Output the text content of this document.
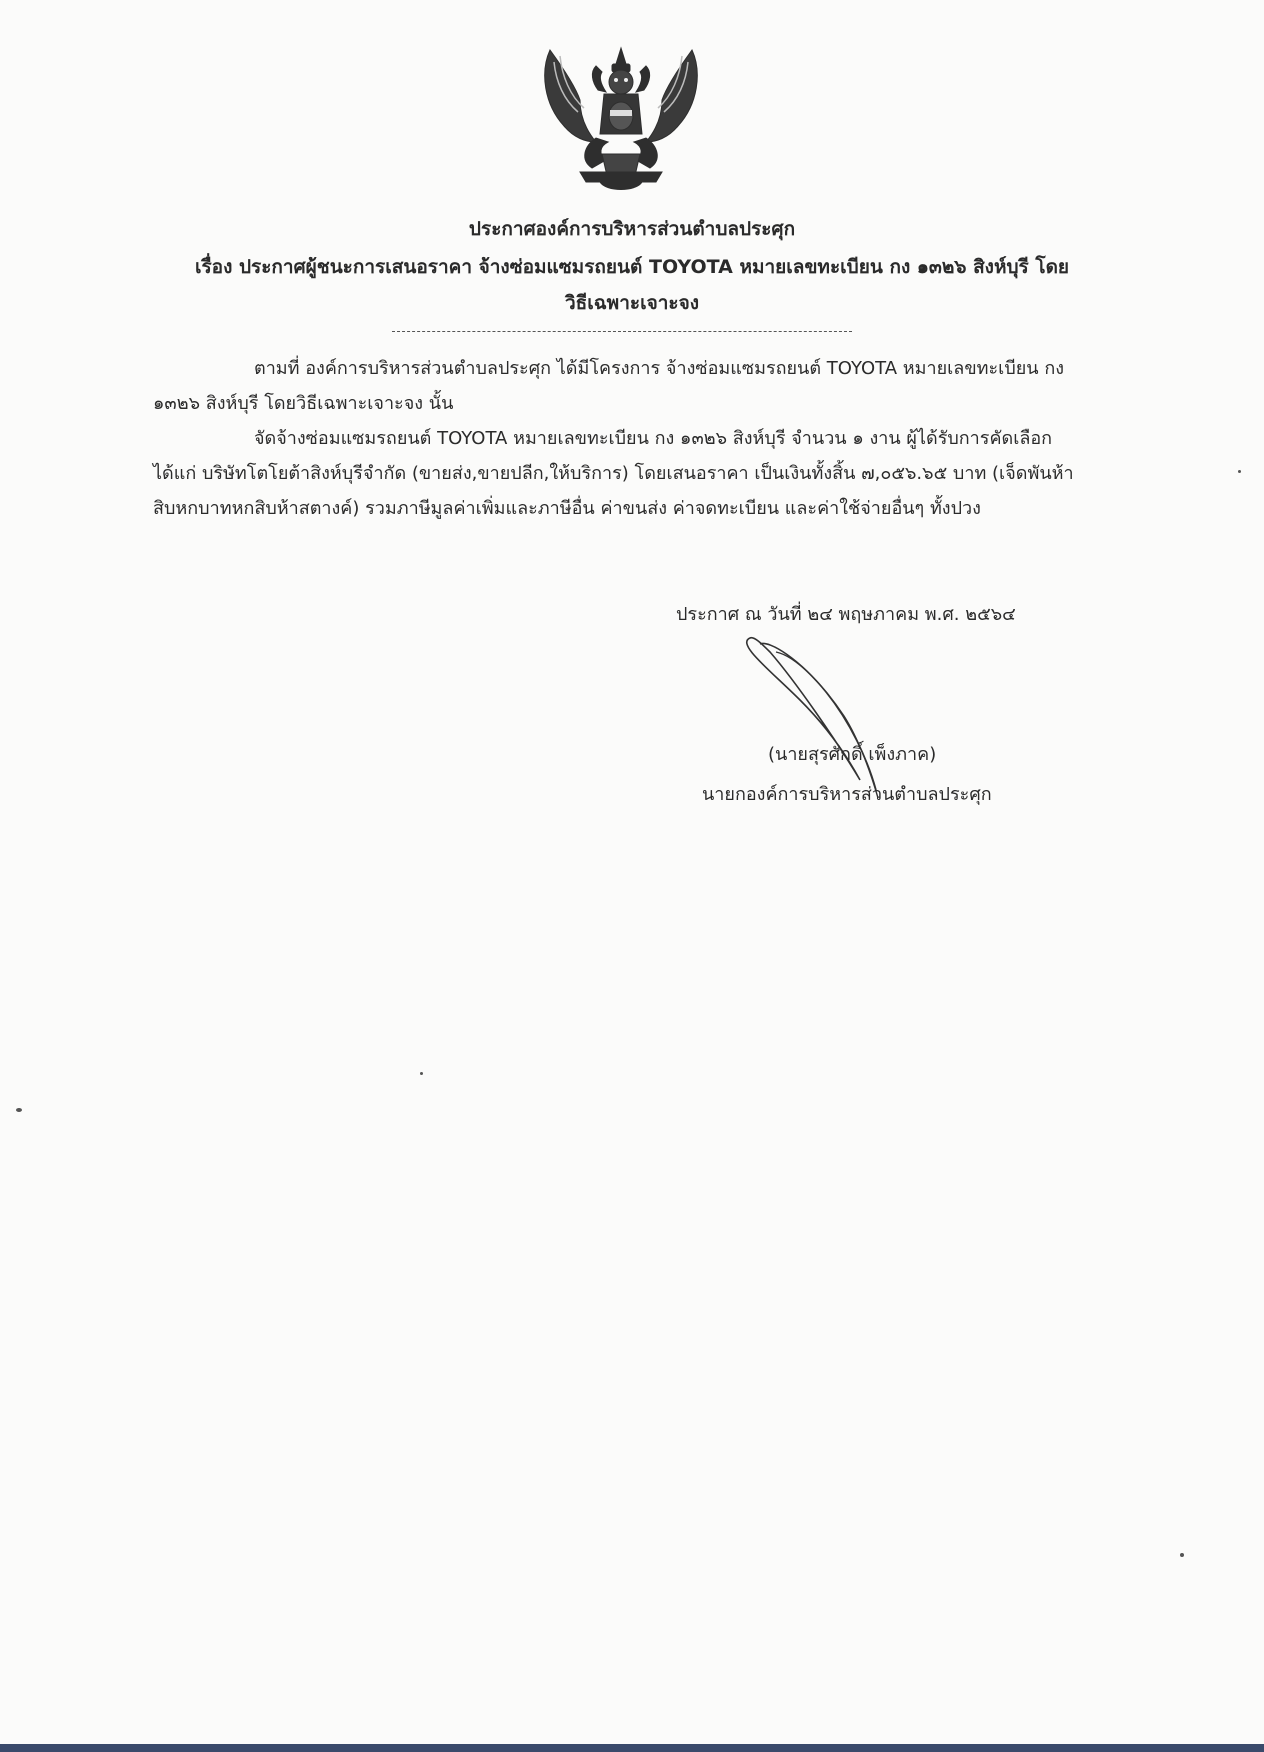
ประกาศองค์การบริหารส่วนตำบลประศุก
เรื่อง ประกาศผู้ชนะการเสนอราคา จ้างซ่อมแซมรถยนต์ TOYOTA หมายเลขทะเบียน กง ๑๓๒๖ สิงห์บุรี โดย
วิธีเฉพาะเจาะจง
ตามที่ องค์การบริหารส่วนตำบลประศุก ได้มีโครงการ จ้างซ่อมแซมรถยนต์ TOYOTA หมายเลขทะเบียน กง ๑๓๒๖ สิงห์บุรี โดยวิธีเฉพาะเจาะจง นั้น
จัดจ้างซ่อมแซมรถยนต์ TOYOTA หมายเลขทะเบียน กง ๑๓๒๖ สิงห์บุรี จำนวน ๑ งาน ผู้ได้รับการคัดเลือก ได้แก่ บริษัทโตโยต้าสิงห์บุรีจำกัด (ขายส่ง,ขายปลีก,ให้บริการ) โดยเสนอราคา เป็นเงินทั้งสิ้น ๗,๐๕๖.๖๕ บาท (เจ็ดพันห้าสิบหกบาทหกสิบห้าสตางค์) รวมภาษีมูลค่าเพิ่มและภาษีอื่น ค่าขนส่ง ค่าจดทะเบียน และค่าใช้จ่ายอื่นๆ ทั้งปวง
ประกาศ ณ วันที่ ๒๔ พฤษภาคม พ.ศ. ๒๕๖๔
(นายสุรศักดิ์ เพ็งภาค)
นายกองค์การบริหารส่วนตำบลประศุก
